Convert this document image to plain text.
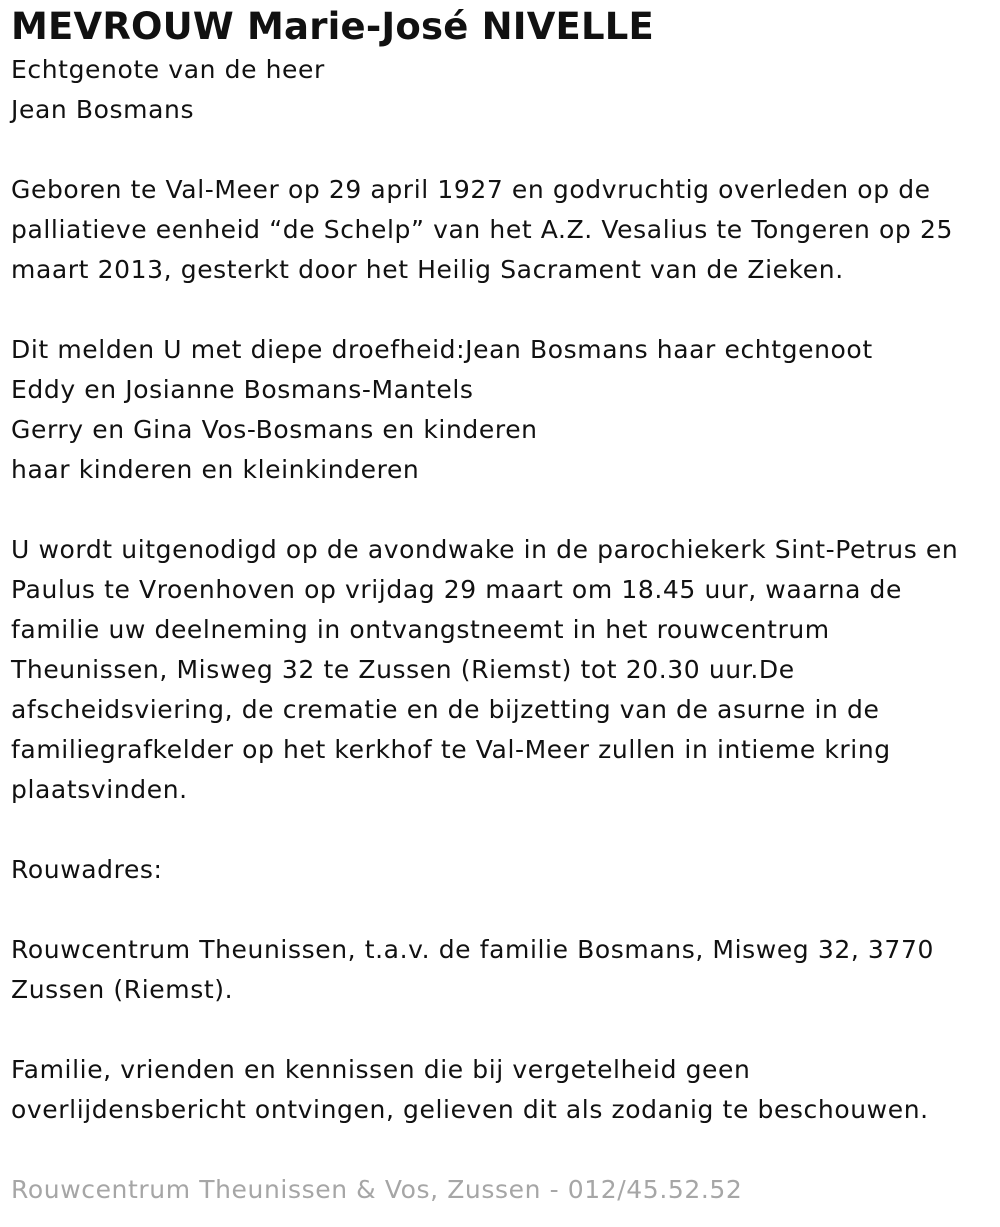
MEVROUW Marie-José NIVELLE

Echtgenote van de heer

Jean Bosmans

Geboren te Val-Meer op 29 april 1927 en godvruchtig overleden op de

palliatieve eenheid “de Schelp” van het A.Z. Vesalius te Tongeren op 25

maart 2013, gesterkt door het Heilig Sacrament van de Zieken.

Dit melden U met diepe droefheid:Jean Bosmans haar echtgenoot

Eddy en Josianne Bosmans-Mantels

Gerry en Gina Vos-Bosmans en kinderen

haar kinderen en kleinkinderen

U wordt uitgenodigd op de avondwake in de parochiekerk Sint-Petrus en

Paulus te Vroenhoven op vrijdag 29 maart om 18.45 uur, waarna de

familie uw deelneming in ontvangstneemt in het rouwcentrum

Theunissen, Misweg 32 te Zussen (Riemst) tot 20.30 uur.De

afscheidsviering, de crematie en de bijzetting van de asurne in de

familiegrafkelder op het kerkhof te Val-Meer zullen in intieme kring

plaatsvinden.

Rouwadres:

Rouwcentrum Theunissen, t.a.v. de familie Bosmans, Misweg 32, 3770

Zussen (Riemst).

Familie, vrienden en kennissen die bij vergetelheid geen

overlijdensbericht ontvingen, gelieven dit als zodanig te beschouwen.

Rouwcentrum Theunissen & Vos, Zussen - 012/45.52.52
